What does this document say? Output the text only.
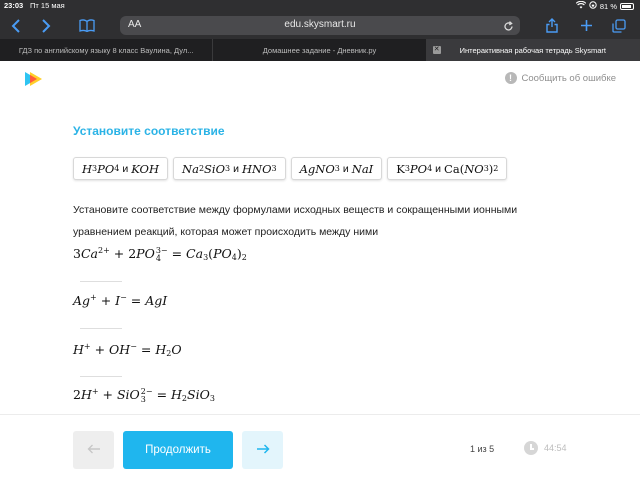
23:03 Пт 15 мая	81 %
AA	edu.skysmart.ru
ГДЗ по английскому языку 8 класс Ваулина, Дул...	Домашнее задание - Дневник.ру	✕	Интерактивная рабочая тетрадь Skysmart
!	Сообщить об ошибке
Установите соответствие
H 3 PO 4 и KOH Na 2 SiO 3 и HNO 3 AgNO 3 и NaI	K 3 PO 4 и Ca( NO 3 ) 2
Установите соответствие между формулами исходных веществ и сокращенными ионными уравнением реакций, которая может происходить между ними
$3Ca^{2+} + 2PO$ 3−
$4 = Ca_3(PO_4)_2$
Ag+ + I− = AgI
$H^+ + OH^- = H_2O$
2H+ + SiO 2−
$3 = H_2SiO_3$
Продолжить	1 из 5	44:54
